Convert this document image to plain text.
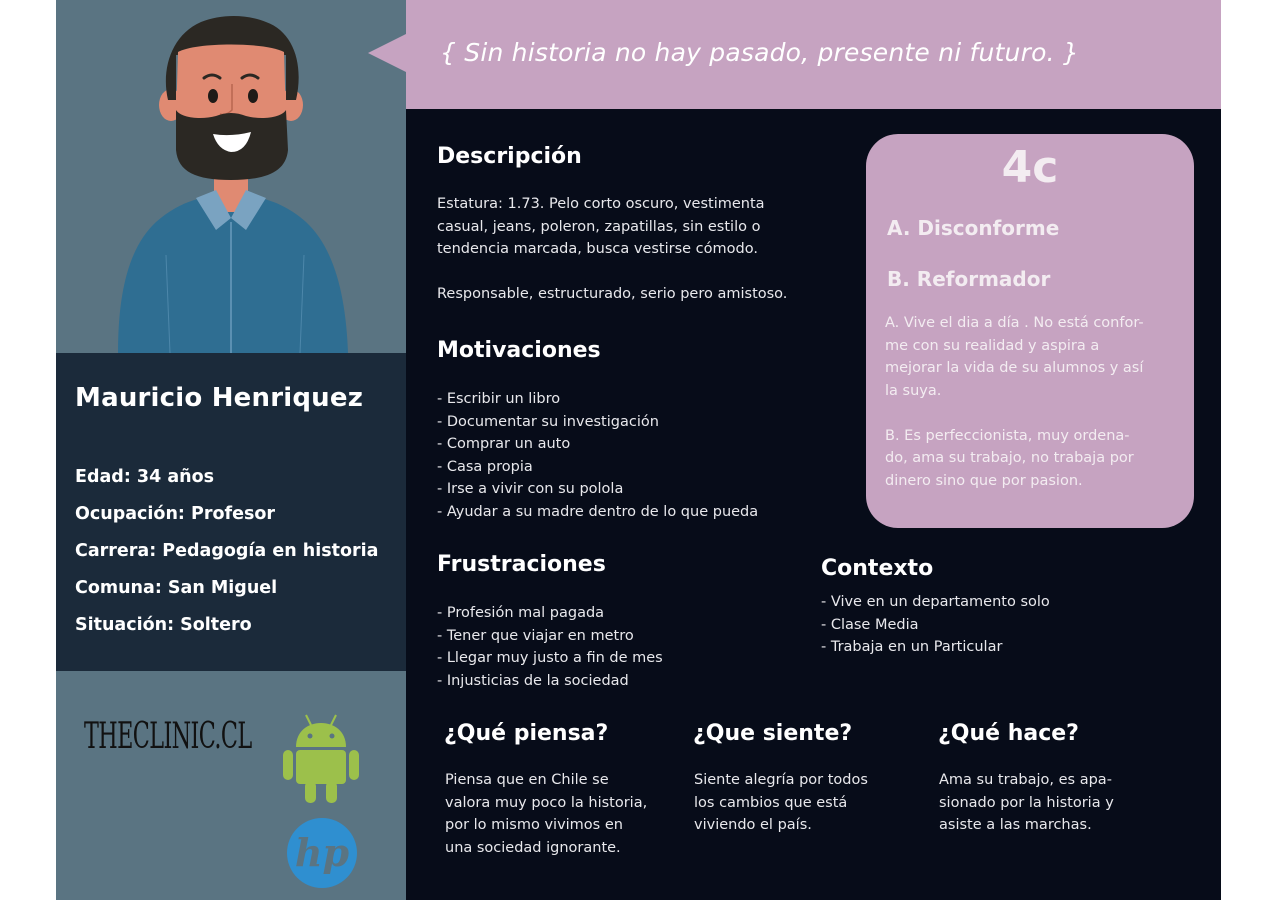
Mauricio Henriquez
Edad: 34 años
Ocupación: Profesor
Carrera: Pedagogía en historia
Comuna: San Miguel
Situación: Soltero
THECLINIC.CL
hp
{ Sin historia no hay pasado, presente ni futuro. }
Descripción
Estatura: 1.73. Pelo corto oscuro, vestimenta
casual, jeans, poleron, zapatillas, sin estilo o
tendencia marcada, busca vestirse cómodo.
Responsable, estructurado, serio pero amistoso.
Motivaciones
- Escribir un libro
- Documentar su investigación
- Comprar un auto
- Casa propia
- Irse a vivir con su polola
- Ayudar a su madre dentro de lo que pueda
Frustraciones
- Profesión mal pagada
- Tener que viajar en metro
- Llegar muy justo a fin de mes
- Injusticias de la sociedad
Contexto
- Vive en un departamento solo
- Clase Media
- Trabaja en un Particular
4c
A. Disconforme
B. Reformador
A. Vive el dia a día . No está confor-
me con su realidad y aspira a
mejorar la vida de su alumnos y así
la suya.
B. Es perfeccionista, muy ordena-
do, ama su trabajo, no trabaja por
dinero sino que por pasion.
¿Qué piensa?
Piensa que en Chile se
valora muy poco la historia,
por lo mismo vivimos en
una sociedad ignorante.
¿Que siente?
Siente alegría por todos
los cambios que está
viviendo el país.
¿Qué hace?
Ama su trabajo, es apa-
sionado por la historia y
asiste a las marchas.
